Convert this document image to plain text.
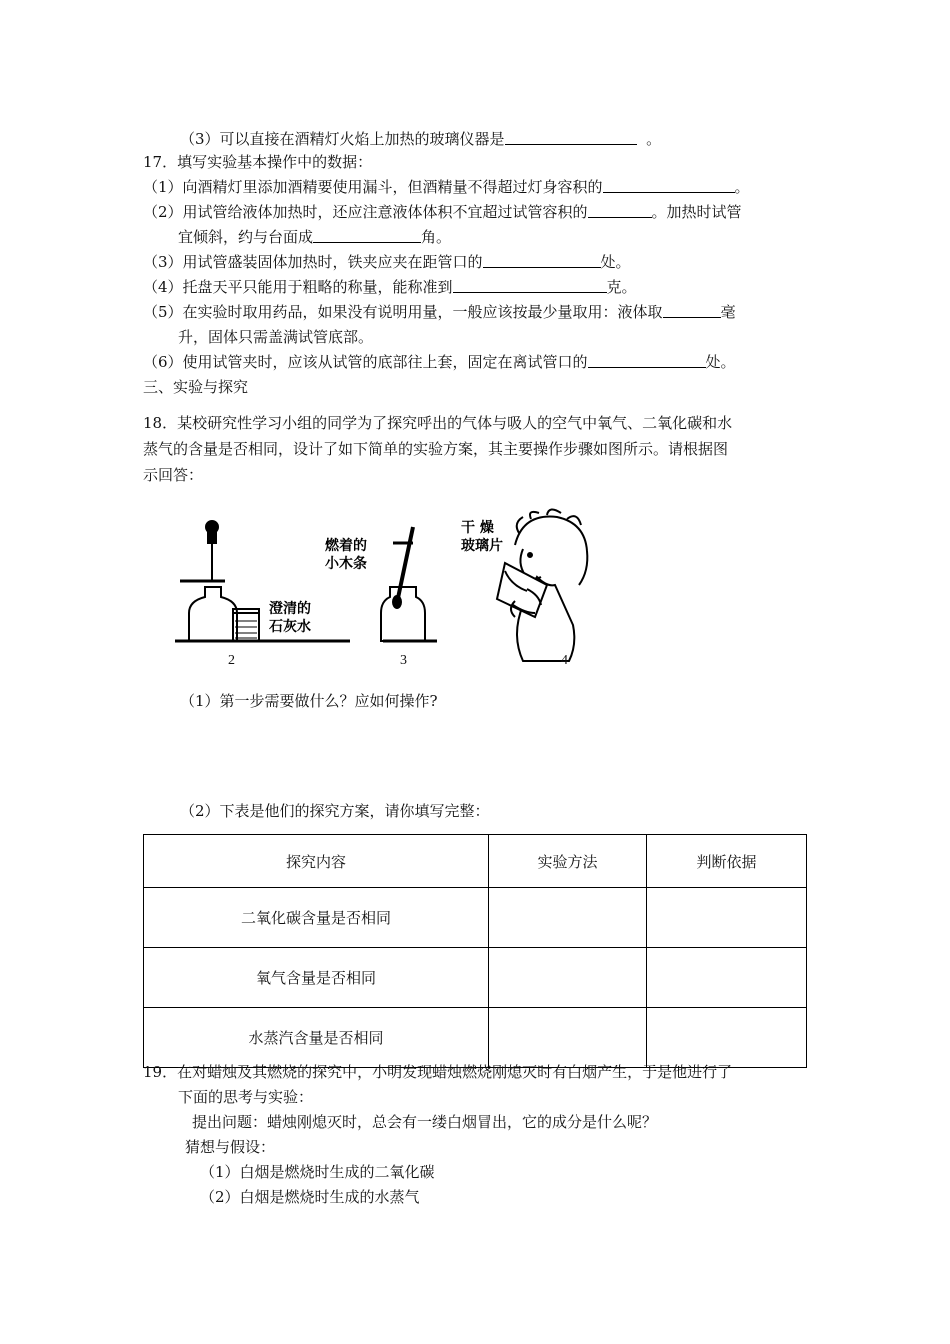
（3）可以直接在酒精灯火焰上加热的玻璃仪器是	。
17．填写实验基本操作中的数据：
（1）向酒精灯里添加酒精要使用漏斗，但酒精量不得超过灯身容积的	。
（2）用试管给液体加热时，还应注意液体体积不宜超过试管容积的	。加热时试管
宜倾斜，约与台面成	角。
（3）用试管盛装固体加热时，铁夹应夹在距管口的	处。
（4）托盘天平只能用于粗略的称量，能称准到	克。
（5）在实验时取用药品，如果没有说明用量，一般应该按最少量取用：液体取	毫
升，固体只需盖满试管底部。
（6）使用试管夹时，应该从试管的底部往上套，固定在离试管口的	处。
三、实验与探究
18．某校研究性学习小组的同学为了探究呼出的气体与吸人的空气中氧气、二氧化碳和水
蒸气的含量是否相同，设计了如下简单的实验方案，其主要操作步骤如图所示。请根据图
示回答：
澄清的
石灰水
燃着的
小木条
干 燥
玻璃片
2	3	4
（1）第一步需要做什么？应如何操作?
（2）下表是他们的探究方案，请你填写完整：
探究内容	实验方法	判断依据
二氧化碳含量是否相同		
氧气含量是否相同		
水蒸汽含量是否相同		
19．在对蜡烛及其燃烧的探究中，小明发现蜡烛燃烧刚熄灭时有白烟产生，于是他进行了
下面的思考与实验：
提出问题：蜡烛刚熄灭时，总会有一缕白烟冒出，它的成分是什么呢？
猜想与假设：
（1）白烟是燃烧时生成的二氧化碳
（2）白烟是燃烧时生成的水蒸气
